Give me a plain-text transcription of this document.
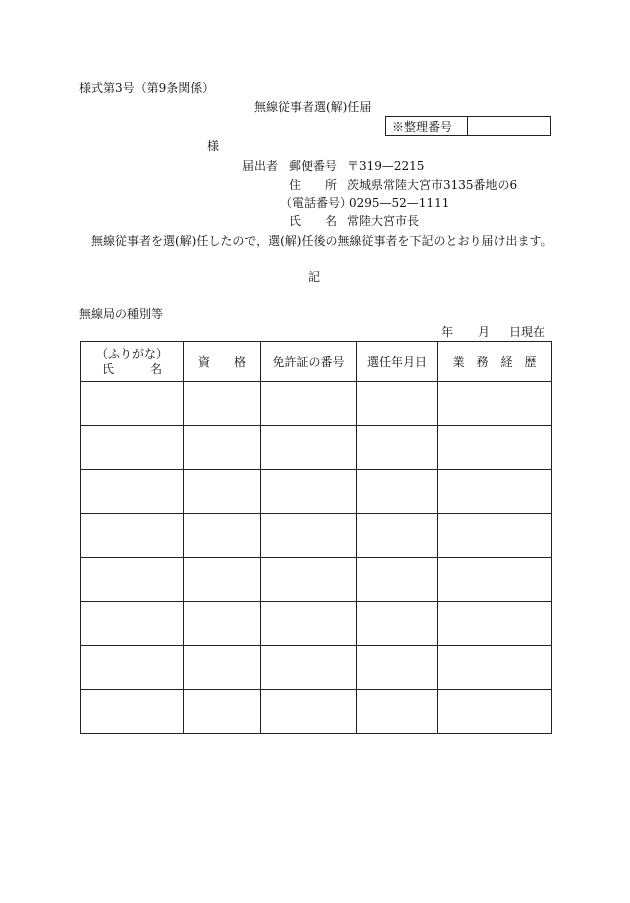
様式第3号（第9条関係）
無線従事者選(解)任届
※整理番号
様
届出者 郵便番号 〒319—2215
住　　所 茨城県常陸大宮市3135番地の6
（電話番号）
0295—52—1111
氏　　名 常陸大宮市長
無線従事者を選(解)任したので，選(解)任後の無線従事者を下記のとおり届け出ます。
記
無線局の種別等
年 月 日現在
（ふりがな）
氏　　　名	資　　格	免許証の番号	選任年月日	業　務　経　歴
